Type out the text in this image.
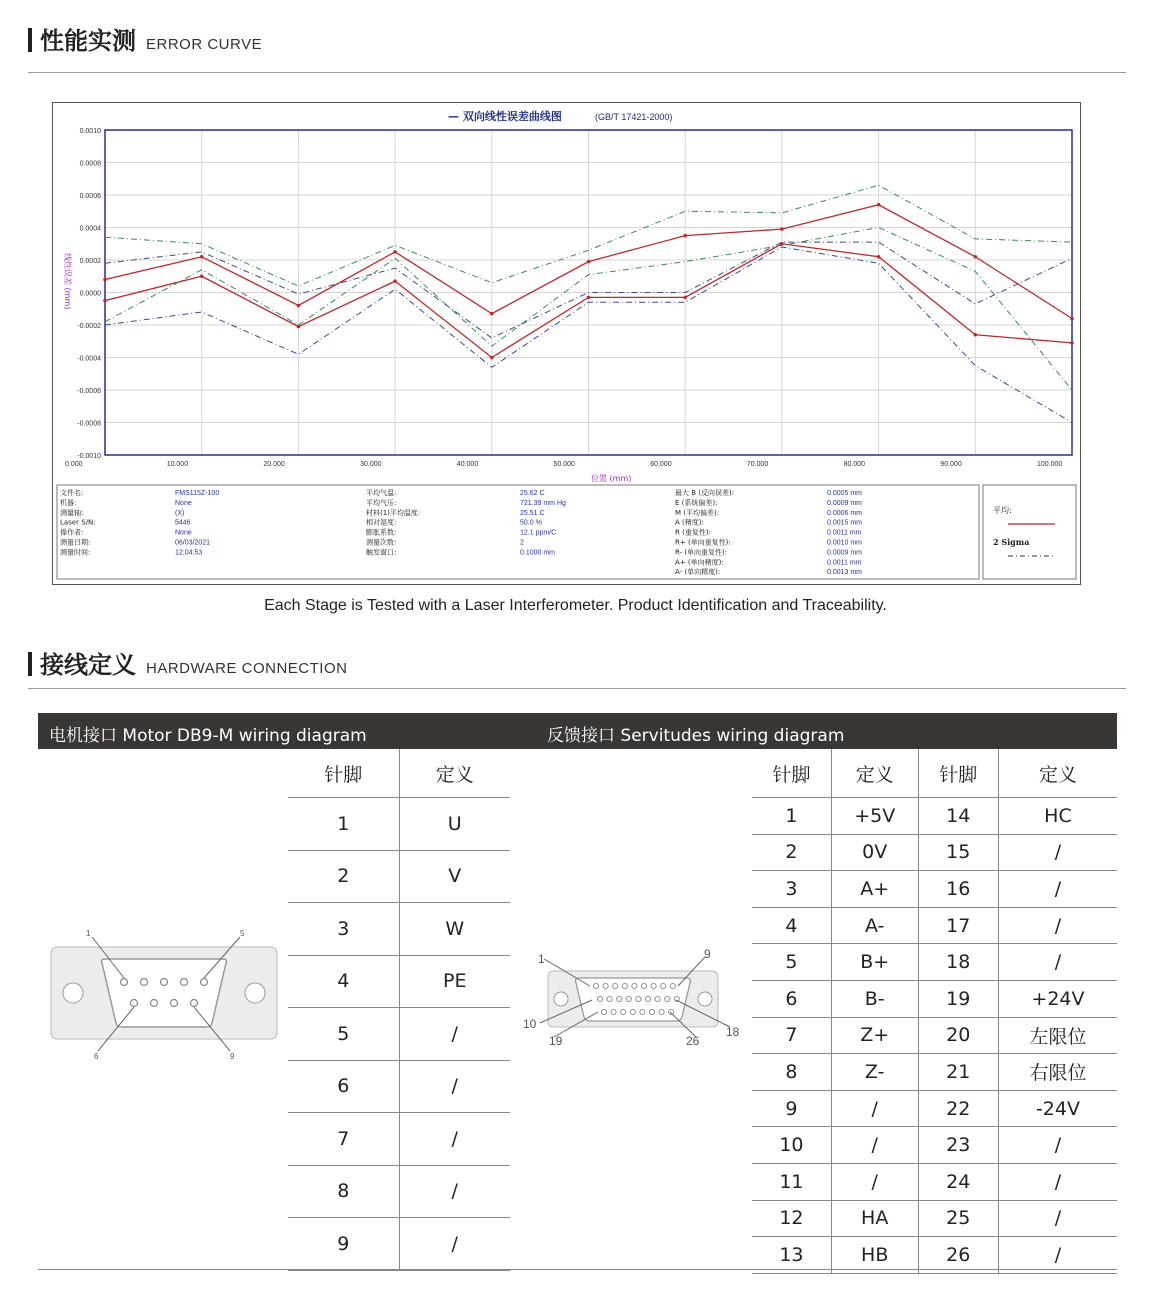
性能实测 ERROR CURVE
— 双向线性误差曲线图	(GB/T 17421-2000)
0.0010
0.0008
0.0006
0.0004
0.0002
0.0000
-0.0002
-0.0004
-0.0006
-0.0008
-0.0010
0.000	10.000	20.000	30.000	40.000	50.000	60.000	70.000	80.000	90.000	100.000
位置 (mm)
线性误差 (mm)
文件名:	FMS115Z-100
机器:	None
测量轴:	(X)
Laser S/N:	5446
操作者:	None
测量日期:	06/03/2021
测量时间:	12:04:53
平均气温:	25.62 C
平均气压:	721.39 mm Hg
材料(1)平均温度:	25.51 C
相对湿度:	50.0 %
膨胀系数:	12.1 ppm/C
测量次数:	2
触发窗口:	0.1000 mm
最大 B (反向误差):	0.0005 mm
E (系统偏差):	0.0009 mm
M (平均偏差):	0.0006 mm
A (精度):	0.0015 mm
R (重复性):	0.0011 mm
R+ (单向重复性):	0.0010 mm
R- (单向重复性):	0.0009 mm
A+ (单向精度):	0.0011 mm
A- (单向精度):	0.0013 mm
平均:
2 Sigma
Each Stage is Tested with a Laser Interferometer. Product Identification and Traceability.
接线定义 HARDWARE CONNECTION
电机接口 Motor DB9-M wiring diagram	反馈接口 Servitudes wiring diagram
1	5
6	9
1	9
10
18
19	26
针脚	定义
1	U
2	V
3	W
4	PE
5	/
6	/
7	/
8	/
9	/
针脚	定义	针脚	定义
1	+5V	14	HC
2	0V	15	/
3	A+	16	/
4	A-	17	/
5	B+	18	/
6	B-	19	+24V
7	Z+	20	左限位
8	Z-	21	右限位
9	/	22	-24V
10	/	23	/
11	/	24	/
12	HA	25	/
13	HB	26	/
